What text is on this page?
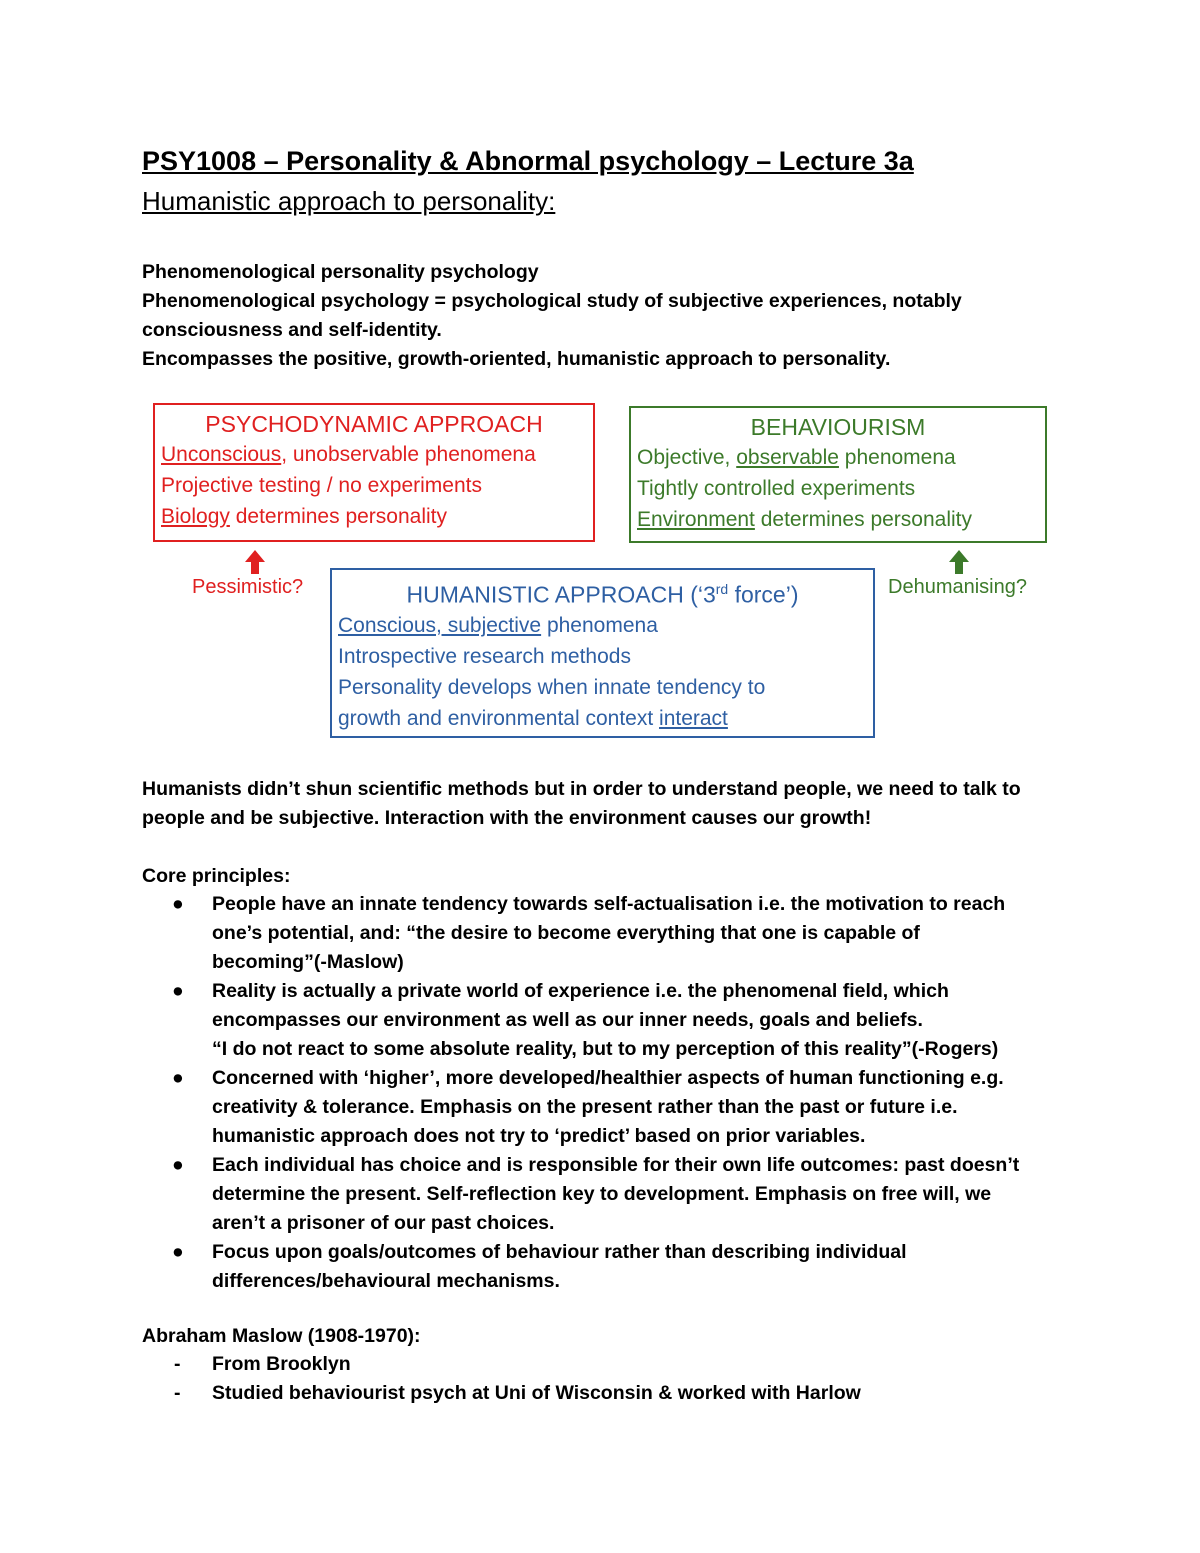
PSY1008 – Personality & Abnormal psychology – Lecture 3a
Humanistic approach to personality:
Phenomenological personality psychology
Phenomenological psychology = psychological study of subjective experiences, notably
consciousness and self-identity.
Encompasses the positive, growth-oriented, humanistic approach to personality.
PSYCHODYNAMIC APPROACH
Unconscious, unobservable phenomena
Projective testing / no experiments
Biology determines personality
BEHAVIOURISM
Objective, observable phenomena
Tightly controlled experiments
Environment determines personality
HUMANISTIC APPROACH (‘3rd force’)
Conscious, subjective phenomena
Introspective research methods
Personality develops when innate tendency to
growth and environmental context interact
Pessimistic?	Dehumanising?
Humanists didn’t shun scientific methods but in order to understand people, we need to talk to
people and be subjective. Interaction with the environment causes our growth!
Core principles:
● People have an innate tendency towards self-actualisation i.e. the motivation to reach
one’s potential, and: “the desire to become everything that one is capable of
becoming”(-Maslow)
● Reality is actually a private world of experience i.e. the phenomenal field, which
encompasses our environment as well as our inner needs, goals and beliefs.
“I do not react to some absolute reality, but to my perception of this reality”(-Rogers)
● Concerned with ‘higher’, more developed/healthier aspects of human functioning e.g.
creativity & tolerance. Emphasis on the present rather than the past or future i.e.
humanistic approach does not try to ‘predict’ based on prior variables.
● Each individual has choice and is responsible for their own life outcomes: past doesn’t
determine the present. Self-reflection key to development. Emphasis on free will, we
aren’t a prisoner of our past choices.
● Focus upon goals/outcomes of behaviour rather than describing individual
differences/behavioural mechanisms.
Abraham Maslow (1908-1970):
- From Brooklyn
- Studied behaviourist psych at Uni of Wisconsin & worked with Harlow
